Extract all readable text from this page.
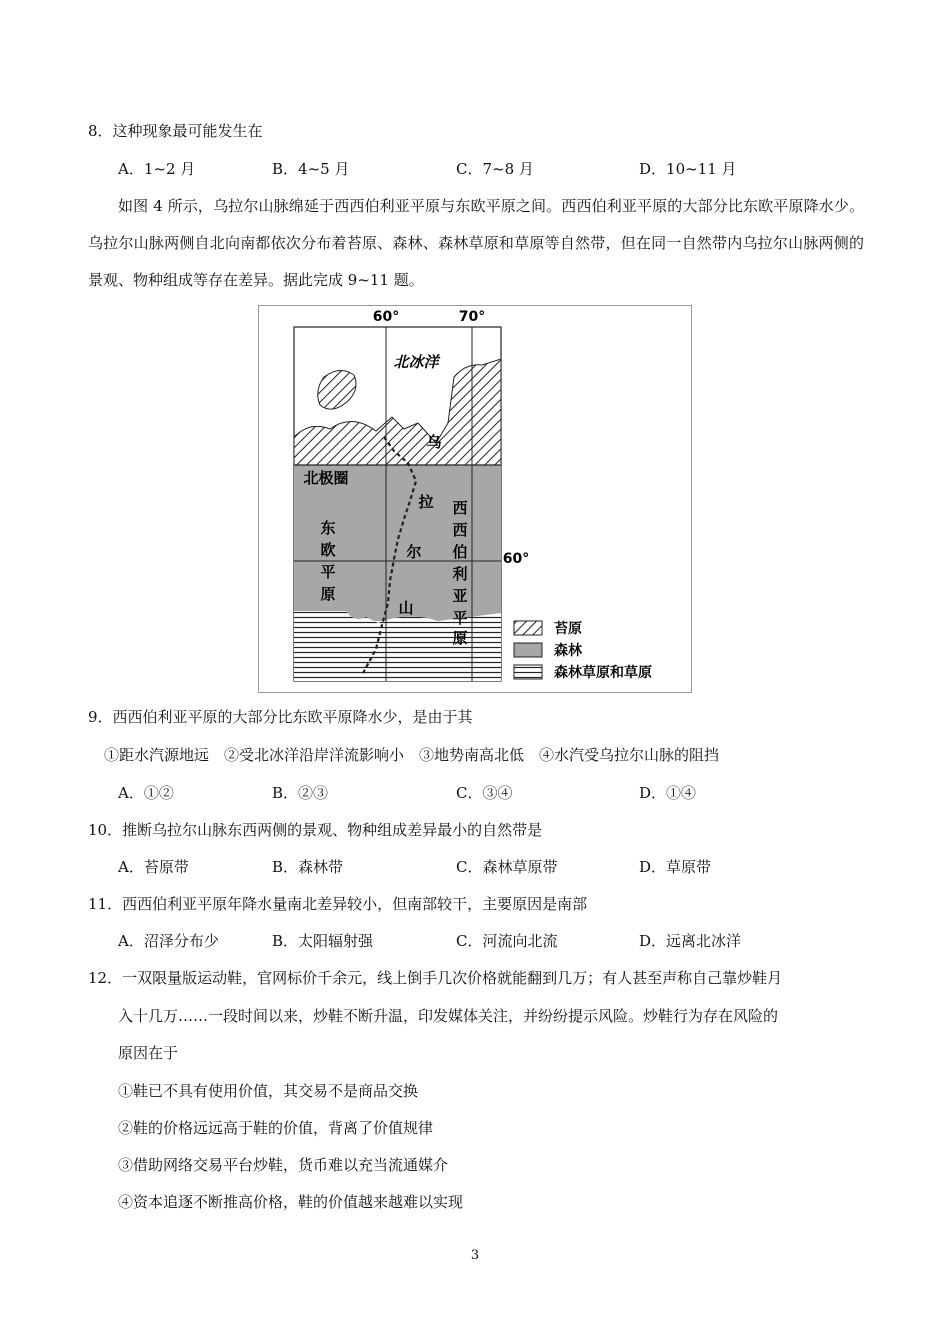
8．这种现象最可能发生在
A．1~2 月	B．4~5 月	C．7~8 月	D．10~11 月
如图 4 所示，乌拉尔山脉绵延于西西伯利亚平原与东欧平原之间。西西伯利亚平原的大部分比东欧平原降水少。乌拉尔山脉两侧自北向南都依次分布着苔原、森林、森林草原和草原等自然带，但在同一自然带内乌拉尔山脉两侧的景观、物种组成等存在差异。据此完成 9~11 题。
60°	70°
60°
北冰洋
北极圈
东
欧
平
原
西
西
伯
利
亚
平
原
乌
拉
尔
山
苔原
森林
森林草原和草原
9．西西伯利亚平原的大部分比东欧平原降水少，是由于其
①距水汽源地远　②受北冰洋沿岸洋流影响小　③地势南高北低　④水汽受乌拉尔山脉的阻挡
A．①②	B．②③	C．③④	D．①④
10．推断乌拉尔山脉东西两侧的景观、物种组成差异最小的自然带是
A．苔原带	B．森林带	C．森林草原带	D．草原带
11．西西伯利亚平原年降水量南北差异较小，但南部较干，主要原因是南部
A．沼泽分布少	B．太阳辐射强	C．河流向北流	D．远离北冰洋
12．一双限量版运动鞋，官网标价千余元，线上倒手几次价格就能翻到几万；有人甚至声称自己靠炒鞋月
入十几万……一段时间以来，炒鞋不断升温，印发媒体关注，并纷纷提示风险。炒鞋行为存在风险的
原因在于
①鞋已不具有使用价值，其交易不是商品交换
②鞋的价格远远高于鞋的价值，背离了价值规律
③借助网络交易平台炒鞋，货币难以充当流通媒介
④资本追逐不断推高价格，鞋的价值越来越难以实现
3
